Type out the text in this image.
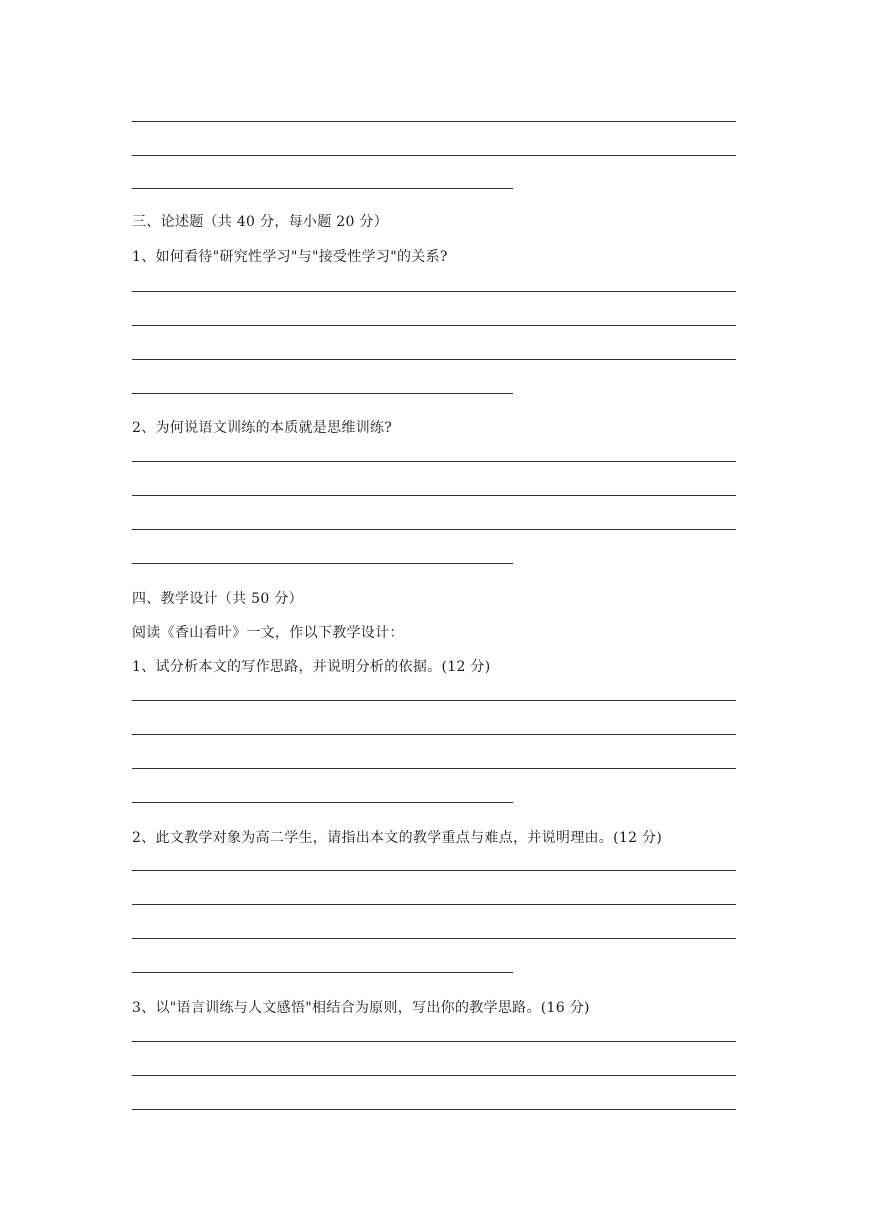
三、论述题（共 40 分，每小题 20 分）
1、如何看待"研究性学习"与"接受性学习"的关系?
2、为何说语文训练的本质就是思维训练?
四、教学设计（共 50 分）
阅读《香山看叶》一文，作以下教学设计：
1、试分析本文的写作思路，并说明分析的依据。(12 分)
2、此文教学对象为高二学生，请指出本文的教学重点与难点，并说明理由。(12 分)
3、以"语言训练与人文感悟"相结合为原则，写出你的教学思路。(16 分)
